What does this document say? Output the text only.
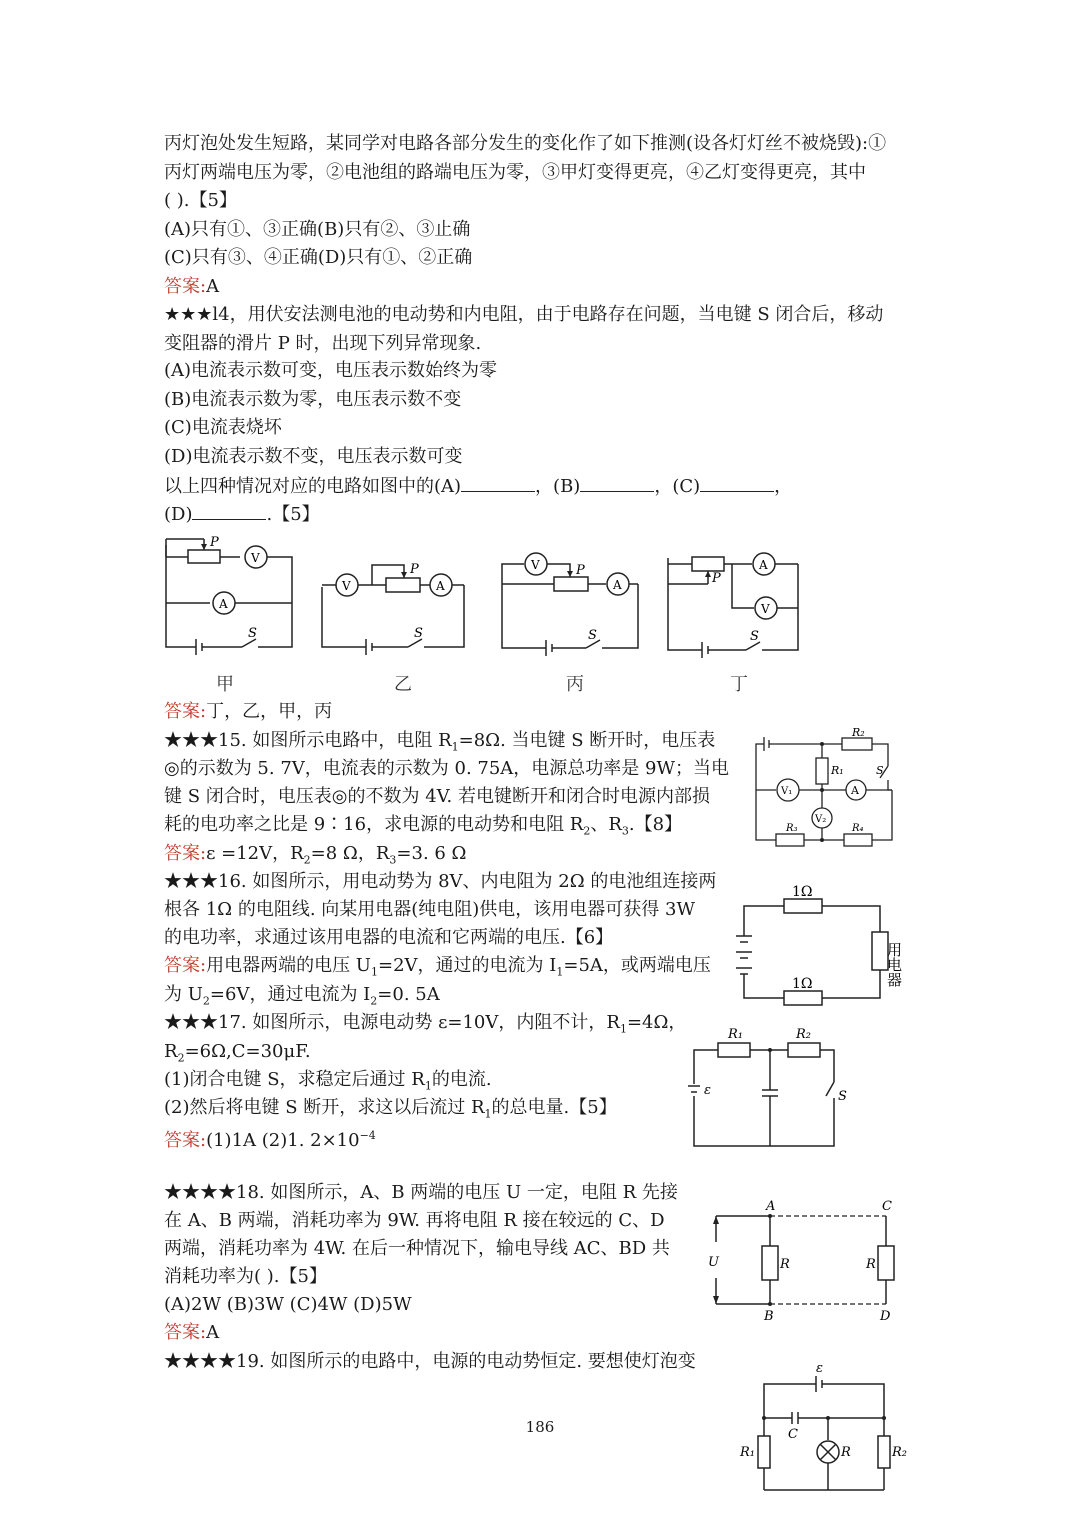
丙灯泡处发生短路，某同学对电路各部分发生的变化作了如下推测(设各灯灯丝不被烧毁):①
丙灯两端电压为零，②电池组的路端电压为零，③甲灯变得更亮，④乙灯变得更亮，其中
( ).【5】
(A)只有①、③正确(B)只有②、③止确
(C)只有③、④正确(D)只有①、②正确
答案:A
★★★l4，用伏安法测电池的电动势和内电阻，由于电路存在问题，当电键 S 闭合后，移动
变阻器的滑片 P 时，出现下列异常现象.
(A)电流表示数可变，电压表示数始终为零
(B)电流表示数为零，电压表示数不变
(C)电流表烧坏
(D)电流表示数不变，电压表示数可变
以上四种情况对应的电路如图中的(A)	，(B)	，(C)	，
(D)	.【5】
P
V
A
S
P
V	A
S
P
V
A
S
P
A
V
S
甲	乙	丙	丁
答案:丁，乙，甲，丙
★★★15. 如图所示电路中，电阻 $R_1=8\Omega$. 当电键 S 断开时，电压表
◎的示数为 5. 7V，电流表的示数为 0. 75A，电源总功率是 9W；当电
键 S 闭合时，电压表◎的不数为 4V. 若电键断开和闭合时电源内部损
耗的电功率之比是 9∶16，求电源的电动势和电阻 $R_2$、$R_3$.【8】
答案:ε =12V，$R_2=8$ Ω，$R_3=3$. 6 Ω
R₂
R₁	S
V₁	A
V₂
R₃	R₄
★★★16. 如图所示，用电动势为 8V、内电阻为 2Ω 的电池组连接两
根各 1Ω 的电阻线. 向某用电器(纯电阻)供电，该用电器可获得 3W
的电功率，求通过该用电器的电流和它两端的电压.【6】
答案:用电器两端的电压 $U_1=2V$，通过的电流为 $I_1=5A$，或两端电压
为 $U_2=6V$，通过电流为 $I_2=0$. 5A
1Ω
1Ω	用电器
★★★17. 如图所示，电源电动势 ε=10V，内阻不计，$R_1=4\Omega$，
$R_2=6\Omega,C=30\mu F$.
(1)闭合电键 S，求稳定后通过 $R_1$的电流.
(2)然后将电键 S 断开，求这以后流过 $R_1$的总电量.【5】
答案:(1)1A (2)1. $2\times 10^{-4}$
R₁	R₂
ε	S
★★★★18. 如图所示，A、B 两端的电压 U 一定，电阻 R 先接
在 A、B 两端，消耗功率为 9W. 再将电阻 R 接在较远的 C、D
两端，消耗功率为 4W. 在后一种情况下，输电导线 AC、BD 共
消耗功率为( ).【5】
(A)2W (B)3W (C)4W (D)5W
答案:A
U
A
B
C
D
R	R
★★★★19. 如图所示的电路中，电源的电动势恒定. 要想使灯泡变	ε
C
R₁	R	R₂
186
